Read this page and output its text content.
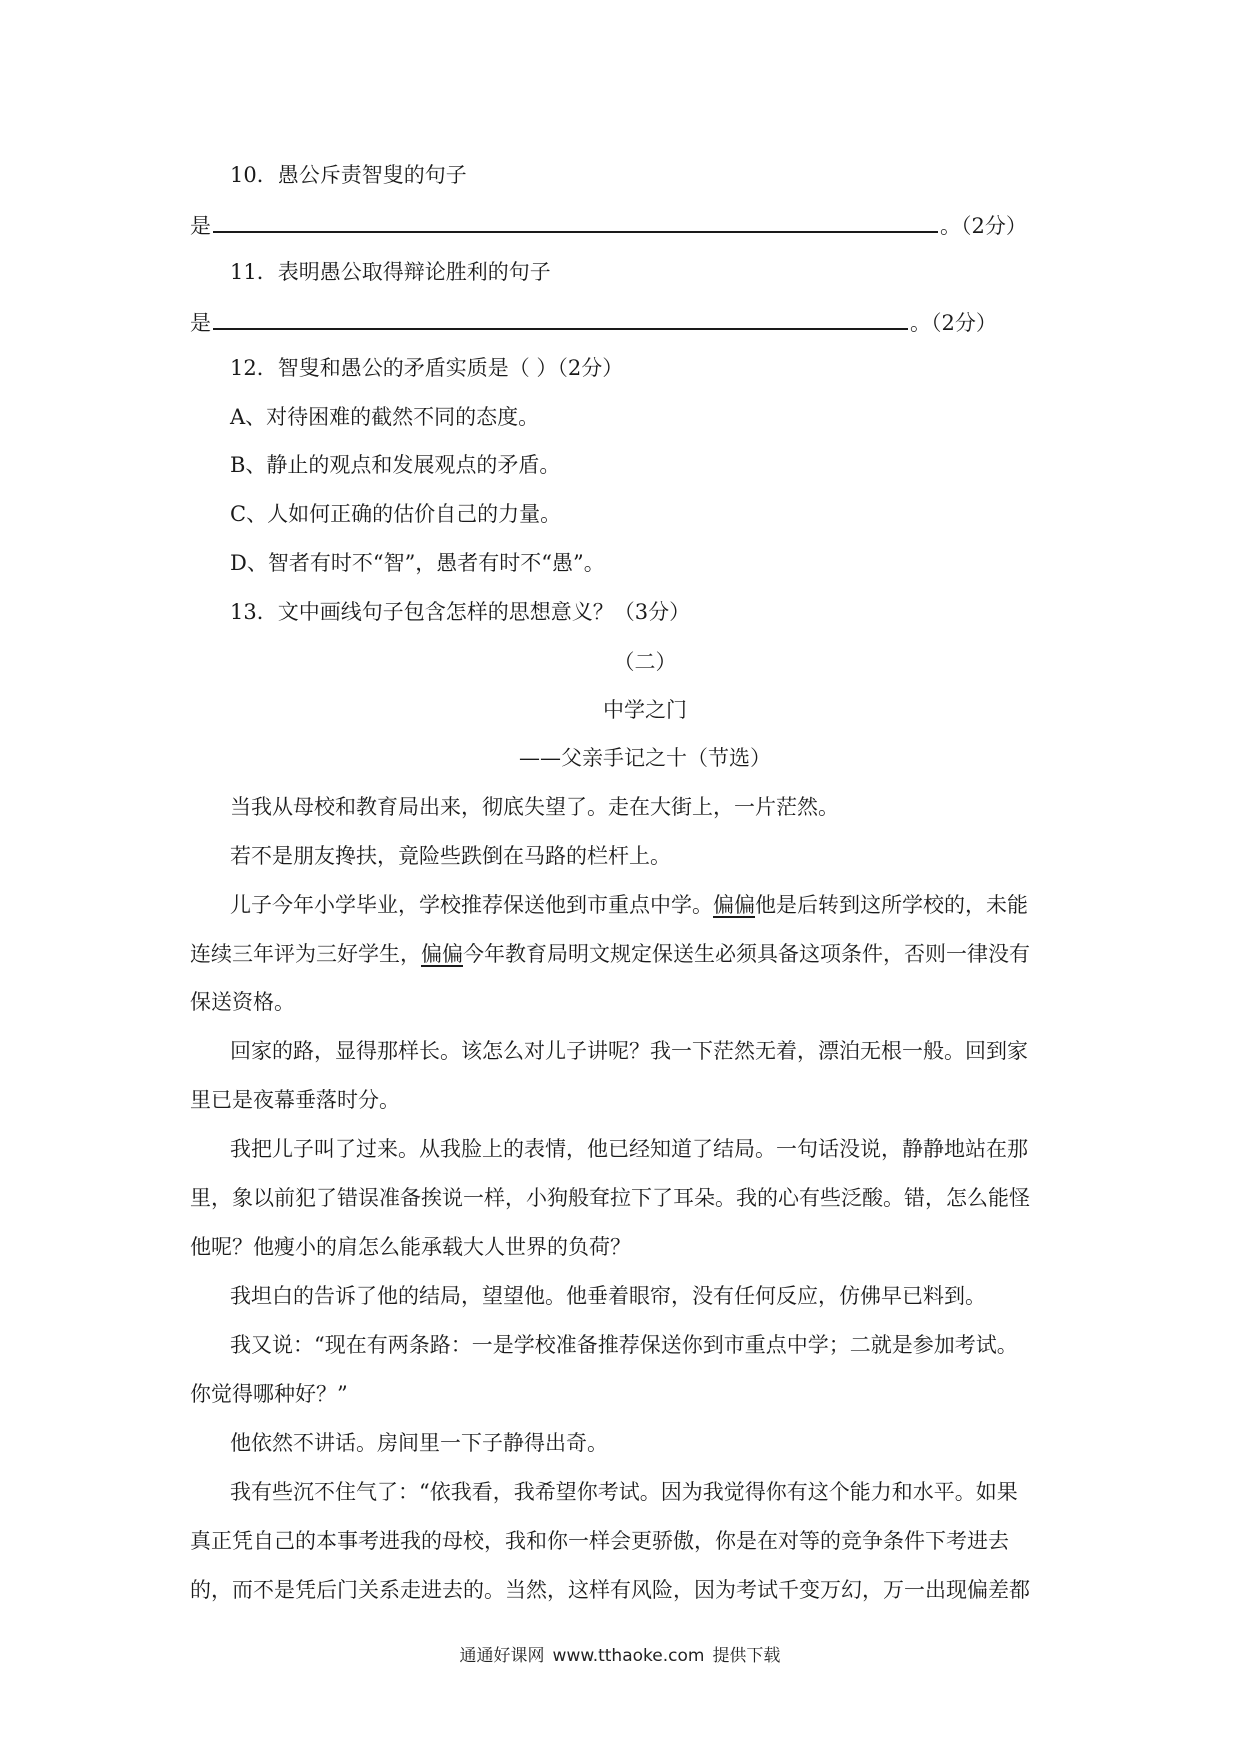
10．愚公斥责智叟的句子
是	。（2分）
11．表明愚公取得辩论胜利的句子
是	。（2分）
12．智叟和愚公的矛盾实质是（ ）（2分）
A、对待困难的截然不同的态度。
B、静止的观点和发展观点的矛盾。
C、人如何正确的估价自己的力量。
D、智者有时不“智”，愚者有时不“愚”。
13．文中画线句子包含怎样的思想意义？（3分）
（二）
中学之门
——父亲手记之十（节选）
当我从母校和教育局出来，彻底失望了。走在大街上，一片茫然。
若不是朋友搀扶，竟险些跌倒在马路的栏杆上。
儿子今年小学毕业，学校推荐保送他到市重点中学。偏偏他是后转到这所学校的，未能
连续三年评为三好学生，偏偏今年教育局明文规定保送生必须具备这项条件，否则一律没有
保送资格。
回家的路，显得那样长。该怎么对儿子讲呢？我一下茫然无着，漂泊无根一般。回到家
里已是夜幕垂落时分。
我把儿子叫了过来。从我脸上的表情，他已经知道了结局。一句话没说，静静地站在那
里，象以前犯了错误准备挨说一样，小狗般耷拉下了耳朵。我的心有些泛酸。错，怎么能怪
他呢？他瘦小的肩怎么能承载大人世界的负荷？
我坦白的告诉了他的结局，望望他。他垂着眼帘，没有任何反应，仿佛早已料到。
我又说：“现在有两条路：一是学校准备推荐保送你到市重点中学；二就是参加考试。
你觉得哪种好？”
他依然不讲话。房间里一下子静得出奇。
我有些沉不住气了：“依我看，我希望你考试。因为我觉得你有这个能力和水平。如果
真正凭自己的本事考进我的母校，我和你一样会更骄傲，你是在对等的竞争条件下考进去
的，而不是凭后门关系走进去的。当然，这样有风险，因为考试千变万幻，万一出现偏差都
通通好课网 www.tthaoke.com 提供下载
